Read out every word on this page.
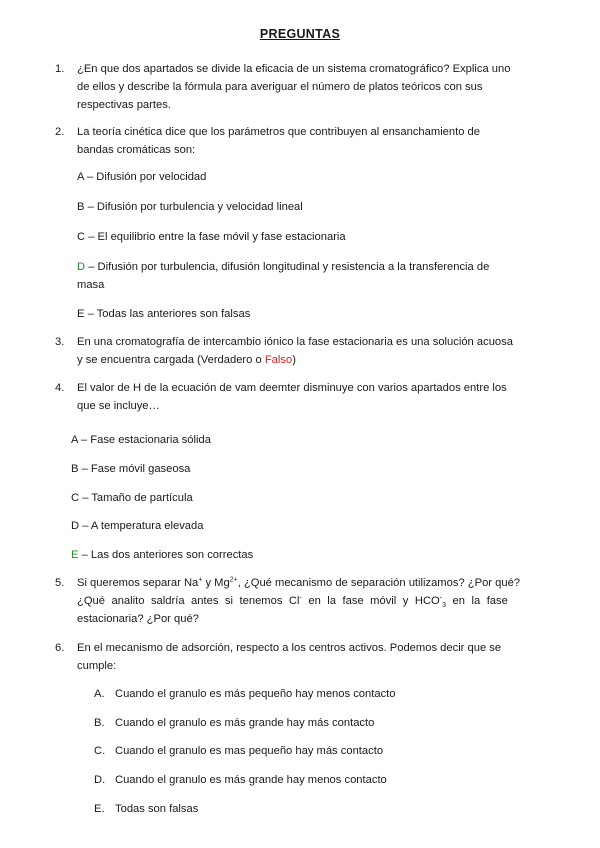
PREGUNTAS
1. ¿En que dos apartados se divide la eficacia de un sistema cromatográfico? Explica uno
de ellos y describe la fórmula para averiguar el número de platos teóricos con sus
respectivas partes.
2. La teoría cinética dice que los parámetros que contribuyen al ensanchamiento de
bandas cromáticas son:
A – Difusión por velocidad
B – Difusión por turbulencia y velocidad lineal
C – El equilibrio entre la fase móvil y fase estacionaria
D – Difusión por turbulencia, difusión longitudinal y resistencia a la transferencia de
masa
E – Todas las anteriores son falsas
3. En una cromatografía de intercambio iónico la fase estacionaria es una solución acuosa
y se encuentra cargada (Verdadero o Falso)
4. El valor de H de la ecuación de vam deemter disminuye con varios apartados entre los
que se incluye…
A – Fase estacionaria sólida
B – Fase móvil gaseosa
C – Tamaño de partícula
D – A temperatura elevada
E – Las dos anteriores son correctas
5. Si queremos separar Na+ y $Mg^{2+}$, ¿Qué mecanismo de separación utilizamos? ¿Por qué?
¿Qué analito saldría antes si tenemos Cl- en la fase móvil y $HCO^-_3$ en la fase
estacionaria? ¿Por qué?
6. En el mecanismo de adsorción, respecto a los centros activos. Podemos decir que se
cumple:
A. Cuando el granulo es más pequeño hay menos contacto
B. Cuando el granulo es más grande hay más contacto
C. Cuando el granulo es mas pequeño hay más contacto
D. Cuando el granulo es más grande hay menos contacto
E. Todas son falsas
